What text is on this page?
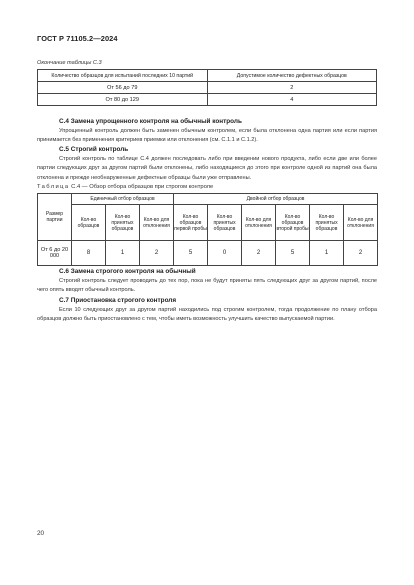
ГОСТ Р 71105.2—2024
Окончание таблицы С.3
Количество образцов для испытаний последних 10 партий	Допустимое количество дефектных образцов
От 56 до 79	2
От 80 до 129	4
С.4 Замена упрощенного контроля на обычный контроль
Упрощенный контроль должен быть заменен обычным контролем, если была отклонена одна партия или если партия принимается без применения критериев приемки или отклонения (см. С.1.1 и С.1.2).
С.5 Строгий контроль
Строгий контроль по таблице С.4 должен последовать либо при введении нового продукта, либо если две или более партии следующих друг за другом партий были отклонены, либо находящиеся до этого при контроле одной из партий она была отклонена и прежде необнаруженные дефектные образцы были уже отправлены.
Таблица С.4 — Обзор отбора образцов при строгом контроле
Размер партии	Единичный отбор образцов			Двойной отбор образцов					
	Кол-во образцов	Кол-во принятых образцов	Кол-во для отклонения	Кол-во образцов первой пробы	Кол-во принятых образцов	Кол-во для отклонения	Кол-во образцов второй пробы	Кол-во принятых образцов	Кол-во для отклонения
От 6 до 20 000	8	1	2	5	0	2	5	1	2
С.6 Замена строгого контроля на обычный
Строгий контроль следует проводить до тех пор, пока не будут приняты пять следующих друг за другом партий, после чего опять вводят обычный контроль.
С.7 Приостановка строгого контроля
Если 10 следующих друг за другом партий находились под строгим контролем, тогда продолжение по плану отбора образцов должно быть приостановлено с тем, чтобы иметь возможность улучшить качество выпускаемой партии.
20
